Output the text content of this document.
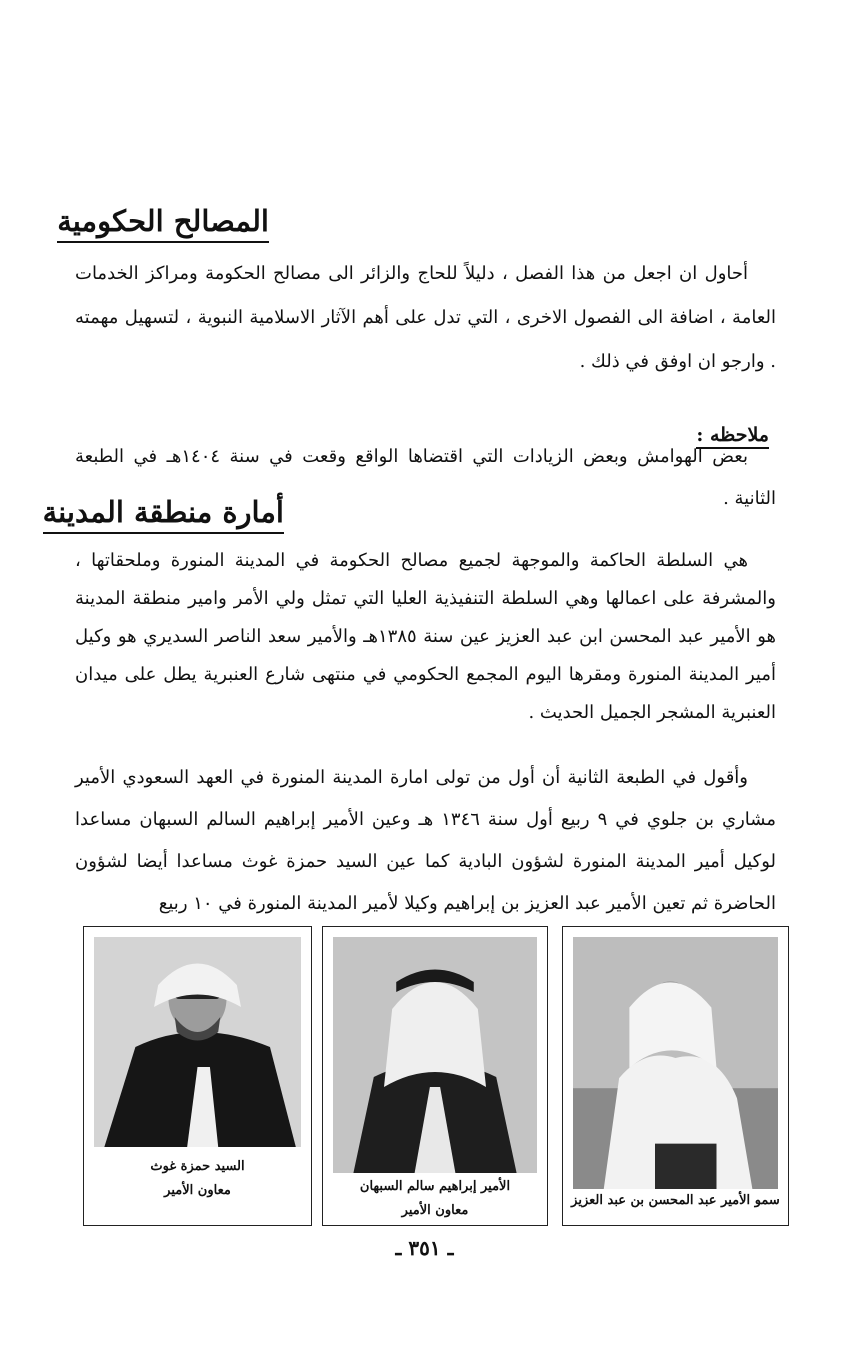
المصالح الحكومية

أحاول ان اجعل من هذا الفصل ، دليلاً للحاج والزائر الى مصالح الحكومة ومراكز الخدمات العامة ، اضافة الى الفصول الاخرى ، التي تدل على أهم الآثار الاسلامية النبوية ، لتسهيل مهمته . وارجو ان اوفق في ذلك .

ملاحظه :

بعض الهوامش وبعض الزيادات التي اقتضاها الواقع وقعت في سنة ١٤٠٤هـ في الطبعة الثانية .

أمارة منطقة المدينة

هي السلطة الحاكمة والموجهة لجميع مصالح الحكومة في المدينة المنورة وملحقاتها ، والمشرفة على اعمالها وهي السلطة التنفيذية العليا التي تمثل ولي الأمر وامير منطقة المدينة هو الأمير عبد المحسن ابن عبد العزيز عين سنة ١٣٨٥هـ والأمير سعد الناصر السديري هو وكيل أمير المدينة المنورة ومقرها اليوم المجمع الحكومي في منتهى شارع العنبرية يطل على ميدان العنبرية المشجر الجميل الحديث .

وأقول في الطبعة الثانية أن أول من تولى امارة المدينة المنورة في العهد السعودي الأمير مشاري بن جلوي في ٩ ربيع أول سنة ١٣٤٦ هـ وعين الأمير إبراهيم السالم السبهان مساعدا لوكيل أمير المدينة المنورة لشؤون البادية كما عين السيد حمزة غوث مساعدا أيضا لشؤون الحاضرة ثم تعين الأمير عبد العزيز بن إبراهيم وكيلا لأمير المدينة المنورة في ١٠ ربيع

سمو الأمير عبد المحسن بن عبد العزيز
الأمير إبراهيم سالم السبهان
معاون الأمير
السيد حمزة غوث
معاون الأمير
ـ ٣٥١ ـ
